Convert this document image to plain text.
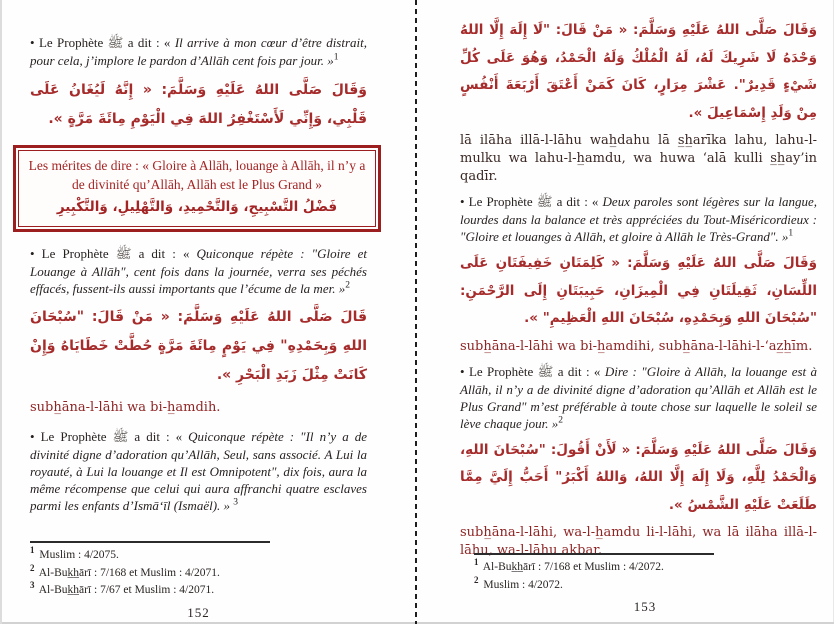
• Le Prophète ﷺ a dit : « Il arrive à mon cœur d’être distrait, pour cela, j’implore le pardon d’Allāh cent fois par jour. »$^1$

وَقَالَ صَلَّى اللهُ عَلَيْهِ وَسَلَّمَ: « إِنَّهُ لَيُغَانُ عَلَى قَلْبِي، وَإِنِّي لَأَسْتَغْفِرُ اللهَ فِي الْيَوْمِ مِائَةَ مَرَّةٍ ».

Les mérites de dire : « Gloire à Allāh, louange à Allāh, il n’y a de divinité qu’Allāh, Allāh est le Plus Grand »
فَضْلُ التَّسْبِيحِ، وَالتَّحْمِيدِ، وَالتَّهْلِيلِ، وَالتَّكْبِيرِ

• Le Prophète ﷺ a dit : « Quiconque répète : "Gloire et Louange à Allāh", cent fois dans la journée, verra ses péchés effacés, fussent-ils aussi importants que l’écume de la mer. »$^2$

قَالَ صَلَّى اللهُ عَلَيْهِ وَسَلَّمَ: « مَنْ قَالَ: "سُبْحَانَ اللهِ وَبِحَمْدِهِ" فِي يَوْمٍ مِائَةَ مَرَّةٍ حُطَّتْ خَطَايَاهُ وَإِنْ كَانَتْ مِثْلَ زَبَدِ الْبَحْرِ ».

subh̲āna-l-lāhi wa bi-h̲amdih.

• Le Prophète ﷺ a dit : « Quiconque répète : "Il n’y a de divinité digne d’adoration qu’Allāh, Seul, sans associé. A Lui la royauté, à Lui la louange et Il est Omnipotent", dix fois, aura la même récompense que celui qui aura affranchi quatre esclaves parmi les enfants d’Ismā‘īl (Ismaël). » $^3$

$^1$ Muslim : 4/2075.
$^2$ Al-Buk̲h̲ārī : 7/168 et Muslim : 4/2071.
$^3$ Al-Buk̲h̲ārī : 7/67 et Muslim : 4/2071.
152

وَقَالَ صَلَّى اللهُ عَلَيْهِ وَسَلَّمَ: « مَنْ قَالَ: "لَا إِلَهَ إِلَّا اللهُ وَحْدَهُ لَا شَرِيكَ لَهُ، لَهُ الْمُلْكُ وَلَهُ الْحَمْدُ، وَهُوَ عَلَى كُلِّ شَيْءٍ قَدِيرٌ". عَشْرَ مِرَارٍ، كَانَ كَمَنْ أَعْتَقَ أَرْبَعَةَ أَنْفُسٍ مِنْ وَلَدِ إِسْمَاعِيلَ ».

lā ilāha illā-l-lāhu wah̲dahu lā s̲h̲arīka lahu, lahu-l-mulku wa lahu-l-h̲amdu, wa huwa ‘alā kulli s̲h̲ay’in qadīr.

• Le Prophète ﷺ a dit : « Deux paroles sont légères sur la langue, lourdes dans la balance et très appréciées du Tout-Miséricordieux : "Gloire et louanges à Allāh, et gloire à Allāh le Très-Grand". »$^1$

وَقَالَ صَلَّى اللهُ عَلَيْهِ وَسَلَّمَ: « كَلِمَتَانِ خَفِيفَتَانِ عَلَى اللِّسَانِ، ثَقِيلَتَانِ فِي الْمِيزَانِ، حَبِيبَتَانِ إِلَى الرَّحْمَنِ: "سُبْحَانَ اللهِ وَبِحَمْدِهِ، سُبْحَانَ اللهِ الْعَظِيمِ" ».

subh̲āna-l-lāhi wa bi-h̲amdihi, subh̲āna-l-lāhi-l-‘az̲h̲īm.

• Le Prophète ﷺ a dit : « Dire : "Gloire à Allāh, la louange est à Allāh, il n’y a de divinité digne d’adoration qu’Allāh et Allāh est le Plus Grand" m’est préférable à toute chose sur laquelle le soleil se lève chaque jour. »$^2$

وَقَالَ صَلَّى اللهُ عَلَيْهِ وَسَلَّمَ: « لَأَنْ أَقُولَ: "سُبْحَانَ اللهِ، وَالْحَمْدُ لِلَّهِ، وَلَا إِلَهَ إِلَّا اللهُ، وَاللهُ أَكْبَرُ" أَحَبُّ إِلَيَّ مِمَّا طَلَعَتْ عَلَيْهِ الشَّمْسُ ».

subh̲āna-l-lāhi, wa-l-h̲amdu li-l-lāhi, wa lā ilāha illā-l-lāhu, wa-l-lāhu akbar.

$^1$ Al-Buk̲h̲ārī : 7/168 et Muslim : 4/2072.
$^2$ Muslim : 4/2072.
153
